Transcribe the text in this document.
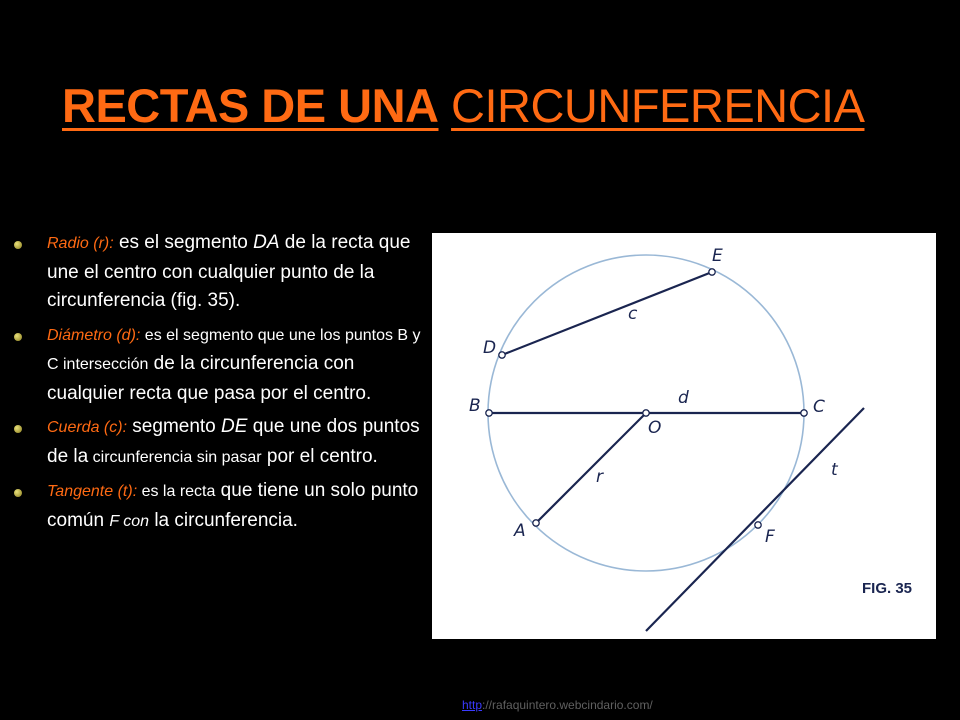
RECTAS DE UNA CIRCUNFERENCIA
Radio (r): es el segmento DA de la recta que une el centro con cualquier punto de la circunferencia (fig. 35).
Diámetro (d): es el segmento que une los puntos B y C intersección de la circunferencia con cualquier recta que pasa por el centro.
Cuerda (c): segmento DE que une dos puntos de la circunferencia sin pasar por el centro.
Tangente (t): es la recta que tiene un solo punto común F con la circunferencia.
E
D
c
B	d	C
O
r	t
A	F
FIG. 35
http://rafaquintero.webcindario.com/
